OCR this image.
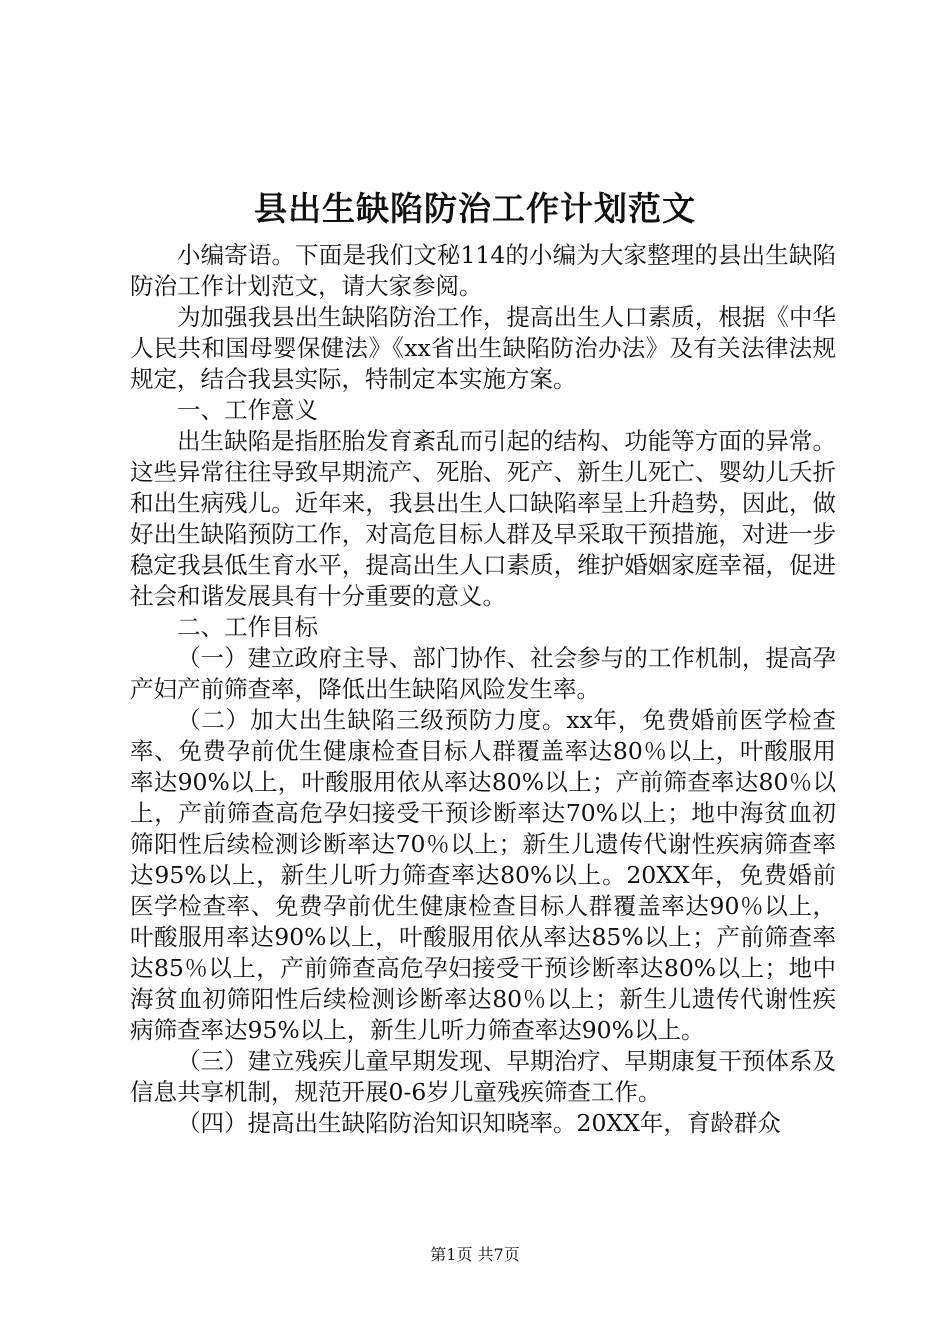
县出生缺陷防治工作计划范文

小编寄语。下面是我们文秘114的小编为大家整理的县出生缺陷防治工作计划范文，请大家参阅。

为加强我县出生缺陷防治工作，提高出生人口素质，根据《中华人民共和国母婴保健法》《xx省出生缺陷防治办法》及有关法律法规规定，结合我县实际，特制定本实施方案。

一、工作意义

出生缺陷是指胚胎发育紊乱而引起的结构、功能等方面的异常。这些异常往往导致早期流产、死胎、死产、新生儿死亡、婴幼儿夭折和出生病残儿。近年来，我县出生人口缺陷率呈上升趋势，因此，做好出生缺陷预防工作，对高危目标人群及早采取干预措施，对进一步稳定我县低生育水平，提高出生人口素质，维护婚姻家庭幸福，促进社会和谐发展具有十分重要的意义。

二、工作目标

（一）建立政府主导、部门协作、社会参与的工作机制，提高孕产妇产前筛查率，降低出生缺陷风险发生率。

（二）加大出生缺陷三级预防力度。xx年，免费婚前医学检查率、免费孕前优生健康检查目标人群覆盖率达80％以上，叶酸服用率达90%以上，叶酸服用依从率达80%以上；产前筛查率达80％以上，产前筛查高危孕妇接受干预诊断率达70%以上；地中海贫血初筛阳性后续检测诊断率达70％以上；新生儿遗传代谢性疾病筛查率达95%以上，新生儿听力筛查率达80%以上。20XX年，免费婚前医学检查率、免费孕前优生健康检查目标人群覆盖率达90％以上，叶酸服用率达90%以上，叶酸服用依从率达85%以上；产前筛查率达85％以上，产前筛查高危孕妇接受干预诊断率达80%以上；地中海贫血初筛阳性后续检测诊断率达80％以上；新生儿遗传代谢性疾病筛查率达95%以上，新生儿听力筛查率达90%以上。

（三）建立残疾儿童早期发现、早期治疗、早期康复干预体系及信息共享机制，规范开展0-6岁儿童残疾筛查工作。

（四）提高出生缺陷防治知识知晓率。20XX年，育龄群众

第1页 共7页
